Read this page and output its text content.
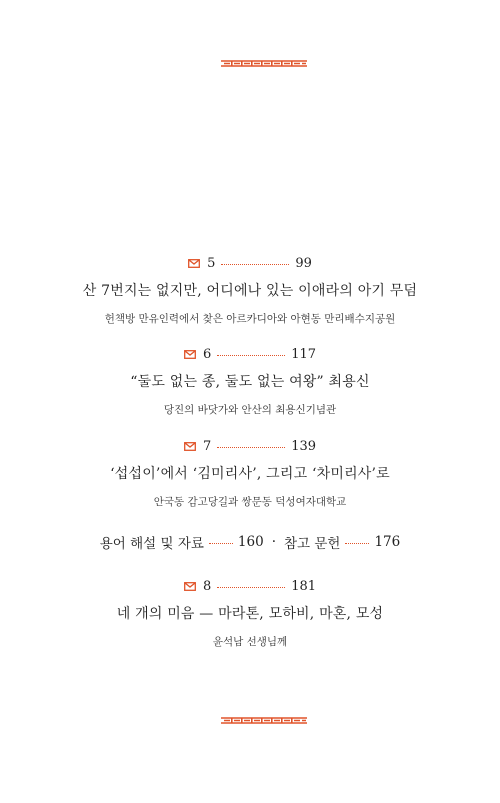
5	99
산 7번지는 없지만, 어디에나 있는 이애라의 아기 무덤
헌책방 만유인력에서 찾은 아르카디아와 아현동 만리배수지공원
6	117
“둘도 없는 종, 둘도 없는 여왕” 최용신
당진의 바닷가와 안산의 최용신기념관
7	139
‘섭섭이’에서 ‘김미리사’, 그리고 ‘차미리사’로
안국동 감고당길과 쌍문동 덕성여자대학교
용어 해설 및 자료	160 · 참고 문헌	176
8	181
네 개의 미음 — 마라톤, 모하비, 마혼, 모성
윤석남 선생님께
